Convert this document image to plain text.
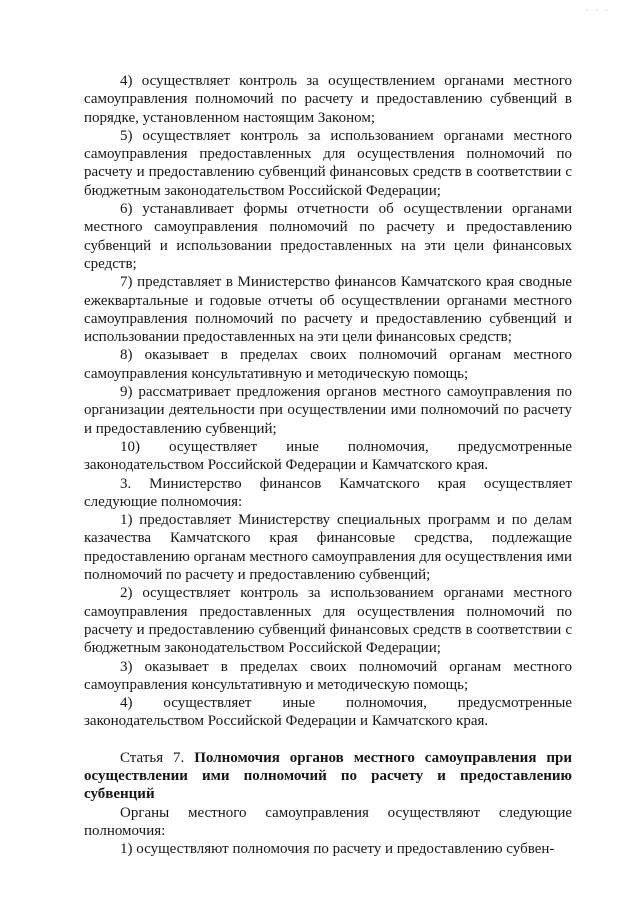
· · ·

4) осуществляет контроль за осуществлением органами местного самоуправления полномочий по расчету и предоставлению субвенций в порядке, установленном настоящим Законом;

5) осуществляет контроль за использованием органами местного самоуправления предоставленных для осуществления полномочий по расчету и предоставлению субвенций финансовых средств в соответствии с бюджетным законодательством Российской Федерации;

6) устанавливает формы отчетности об осуществлении органами местного самоуправления полномочий по расчету и предоставлению субвенций и использовании предоставленных на эти цели финансовых средств;

7) представляет в Министерство финансов Камчатского края сводные ежеквартальные и годовые отчеты об осуществлении органами местного самоуправления полномочий по расчету и предоставлению субвенций и использовании предоставленных на эти цели финансовых средств;

8) оказывает в пределах своих полномочий органам местного самоуправления консультативную и методическую помощь;

9) рассматривает предложения органов местного самоуправления по организации деятельности при осуществлении ими полномочий по расчету и предоставлению субвенций;

10) осуществляет иные полномочия, предусмотренные законодательством Российской Федерации и Камчатского края.

3. Министерство финансов Камчатского края осуществляет следующие полномочия:

1) предоставляет Министерству специальных программ и по делам казачества Камчатского края финансовые средства, подлежащие предоставлению органам местного самоуправления для осуществления ими полномочий по расчету и предоставлению субвенций;

2) осуществляет контроль за использованием органами местного самоуправления предоставленных для осуществления полномочий по расчету и предоставлению субвенций финансовых средств в соответствии с бюджетным законодательством Российской Федерации;

3) оказывает в пределах своих полномочий органам местного самоуправления консультативную и методическую помощь;

4) осуществляет иные полномочия, предусмотренные законодательством Российской Федерации и Камчатского края.

Статья 7. Полномочия органов местного самоуправления при осуществлении ими полномочий по расчету и предоставлению субвенций

Органы местного самоуправления осуществляют следующие полномочия:

1) осуществляют полномочия по расчету и предоставлению субвен-
